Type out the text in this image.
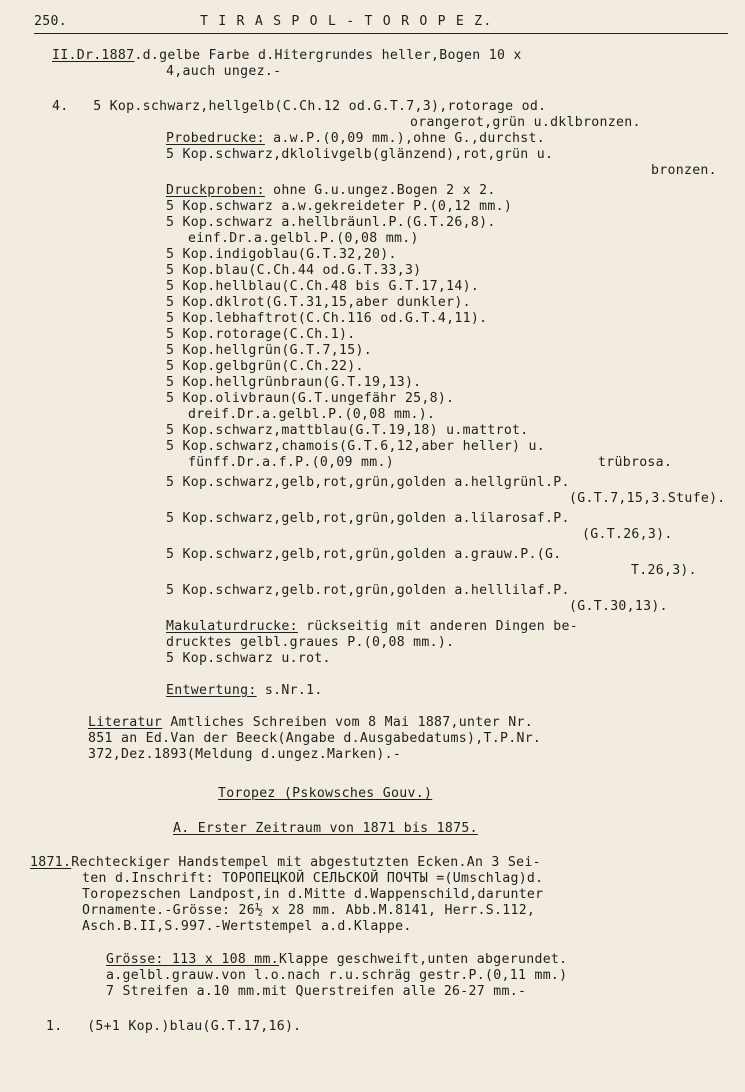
250.	T I R A S P O L - T O R O P E Z.
II.Dr.1887.d.gelbe Farbe d.Hitergrundes heller,Bogen 10 x
4,auch ungez.-
4.   5 Kop.schwarz,hellgelb(C.Ch.12 od.G.T.7,3),rotorage od.
orangerot,grün u.dklbronzen.
Probedrucke: a.w.P.(0,09 mm.),ohne G.,durchst.
5 Kop.schwarz,dklolivgelb(glänzend),rot,grün u.
bronzen.
Druckproben: ohne G.u.ungez.Bogen 2 x 2.
5 Kop.schwarz a.w.gekreideter P.(0,12 mm.)
5 Kop.schwarz a.hellbräunl.P.(G.T.26,8).
einf.Dr.a.gelbl.P.(0,08 mm.)
5 Kop.indigoblau(G.T.32,20).
5 Kop.blau(C.Ch.44 od.G.T.33,3)
5 Kop.hellblau(C.Ch.48 bis G.T.17,14).
5 Kop.dklrot(G.T.31,15,aber dunkler).
5 Kop.lebhaftrot(C.Ch.116 od.G.T.4,11).
5 Kop.rotorage(C.Ch.1).
5 Kop.hellgrün(G.T.7,15).
5 Kop.gelbgrün(C.Ch.22).
5 Kop.hellgrünbraun(G.T.19,13).
5 Kop.olivbraun(G.T.ungefähr 25,8).
dreif.Dr.a.gelbl.P.(0,08 mm.).
5 Kop.schwarz,mattblau(G.T.19,18) u.mattrot.
5 Kop.schwarz,chamois(G.T.6,12,aber heller) u.
fünff.Dr.a.f.P.(0,09 mm.)	trübrosa.
5 Kop.schwarz,gelb,rot,grün,golden a.hellgrünl.P.
(G.T.7,15,3.Stufe).
5 Kop.schwarz,gelb,rot,grün,golden a.lilarosaf.P.
(G.T.26,3).
5 Kop.schwarz,gelb,rot,grün,golden a.grauw.P.(G.
T.26,3).
5 Kop.schwarz,gelb.rot,grün,golden a.helllilaf.P.
(G.T.30,13).
Makulaturdrucke: rückseitig mit anderen Dingen be-
drucktes gelbl.graues P.(0,08 mm.).
5 Kop.schwarz u.rot.
Entwertung: s.Nr.1.
Literatur Amtliches Schreiben vom 8 Mai 1887,unter Nr.
851 an Ed.Van der Beeck(Angabe d.Ausgabedatums),T.P.Nr.
372,Dez.1893(Meldung d.ungez.Marken).-
Toropez (Pskowsches Gouv.)
A. Erster Zeitraum von 1871 bis 1875.
1871.Rechteckiger Handstempel mit abgestutzten Ecken.An 3 Sei-
ten d.Inschrift: ТОРОПЕЦКОЙ СЕЛЬСКОЙ ПОЧТЫ =(Umschlag)d.
Toropezschen Landpost,in d.Mitte d.Wappenschild,darunter
Ornamente.-Grösse: 26½ x 28 mm. Abb.M.8141, Herr.S.112,
Asch.B.II,S.997.-Wertstempel a.d.Klappe.
Grösse: 113 x 108 mm.Klappe geschweift,unten abgerundet.
a.gelbl.grauw.von l.o.nach r.u.schräg gestr.P.(0,11 mm.)
7 Streifen a.10 mm.mit Querstreifen alle 26-27 mm.-
1.   (5+1 Kop.)blau(G.T.17,16).
